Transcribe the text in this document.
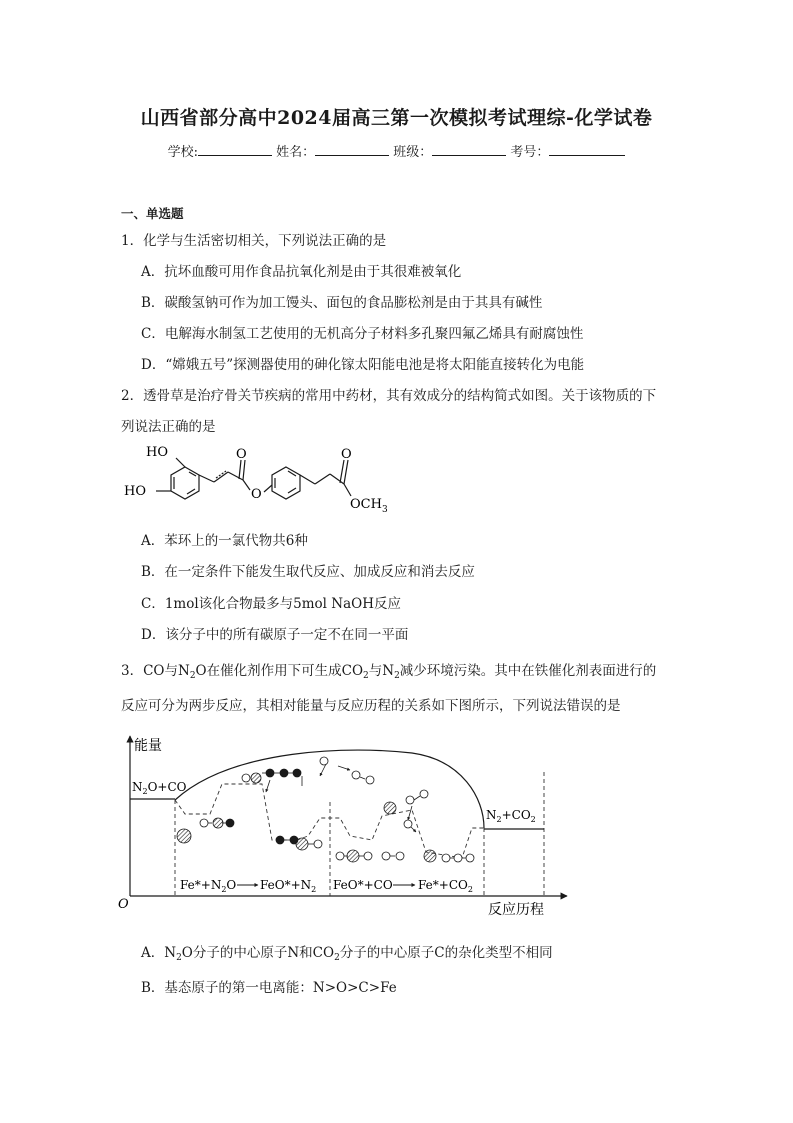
山西省部分高中2024届高三第一次模拟考试理综-化学试卷
学校:	姓名：	班级：	考号：
一、单选题
1．化学与生活密切相关，下列说法正确的是
A．抗坏血酸可用作食品抗氧化剂是由于其很难被氧化
B．碳酸氢钠可作为加工馒头、面包的食品膨松剂是由于其具有碱性
C．电解海水制氢工艺使用的无机高分子材料多孔聚四氟乙烯具有耐腐蚀性
D．“嫦娥五号”探测器使用的砷化镓太阳能电池是将太阳能直接转化为电能
2．透骨草是治疗骨关节疾病的常用中药材，其有效成分的结构简式如图。关于该物质的下
列说法正确的是
HO
HO
O
O
O
$OCH_3$
A．苯环上的一氯代物共6种
B．在一定条件下能发生取代反应、加成反应和消去反应
C．1mol该化合物最多与5mol NaOH反应
D．该分子中的所有碳原子一定不在同一平面
3．CO与$N_2O$在催化剂作用下可生成$CO_2$与$N_2$减少环境污染。其中在铁催化剂表面进行的
反应可分为两步反应，其相对能量与反应历程的关系如下图所示，下列说法错误的是
能量
反应历程
O
$N_2O+CO$
$N_2+CO_2$
$Fe*+N_2O$ $FeO*+N_2$ FeO*+CO $Fe*+CO_2$
A．$N_2O$分子的中心原子N和$CO_2$分子的中心原子C的杂化类型不相同
B．基态原子的第一电离能：N>O>C>Fe
